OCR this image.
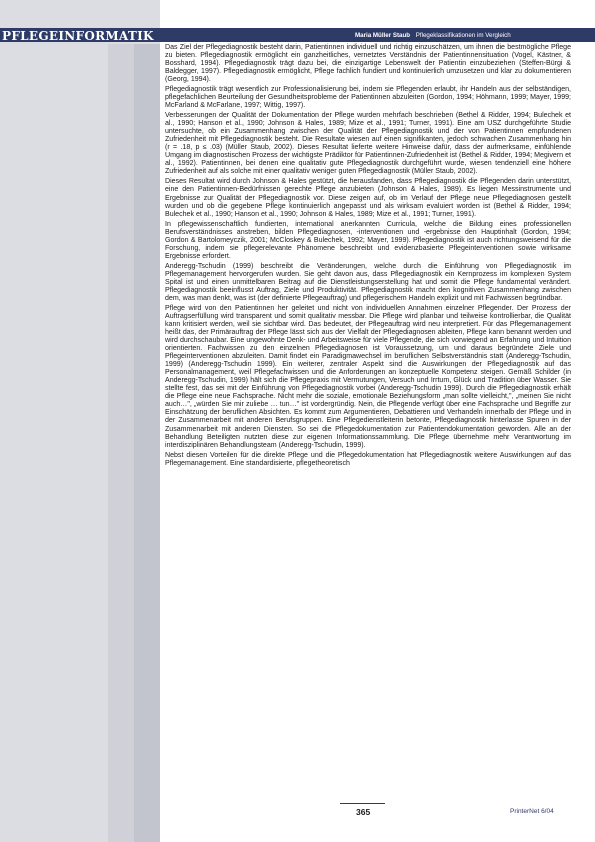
PFLEGEINFORMATIK	Maria Müller Staub Pflegeklassifikationen im Vergleich

Das Ziel der Pflegediagnostik besteht darin, Patientinnen individuell und richtig einzuschätzen, um ihnen die bestmögliche Pflege zu bieten. Pflegediagnostik ermöglicht ein ganzheitliches, vernetztes Verständnis der Patientinnensituation (Vogel, Kästner, & Bosshard, 1994). Pflegediagnostik trägt dazu bei, die einzigartige Lebenswelt der Patientin einzubeziehen (Steffen-Bürgi & Baldegger, 1997). Pflegediagnostik ermöglicht, Pflege fachlich fundiert und kontinuierlich umzusetzen und klar zu dokumentieren (Georg, 1994).

Pflegediagnostik trägt wesentlich zur Professionalisierung bei, indem sie Pflegenden erlaubt, ihr Handeln aus der selbständigen, pflegefachlichen Beurteilung der Gesundheitsprobleme der Patientinnen abzuleiten (Gordon, 1994; Höhmann, 1999; Mayer, 1999; McFarland & McFarlane, 1997; Wittig, 1997).

Verbesserungen der Qualität der Dokumentation der Pflege wurden mehrfach beschrieben (Bethel & Ridder, 1994; Bulechek et al., 1990; Hanson et al., 1990; Johnson & Hales, 1989; Mize et al., 1991; Turner, 1991). Eine am USZ durchgeführte Studie untersuchte, ob ein Zusammenhang zwischen der Qualität der Pflegediagnostik und der von Patientinnen empfundenen Zufriedenheit mit Pflegediagnostik besteht. Die Resultate wiesen auf einen signifikanten, jedoch schwachen Zusammenhang hin (r = .18, p ≤ .03) (Müller Staub, 2002). Dieses Resultat lieferte weitere Hinweise dafür, dass der aufmerksame, einfühlende Umgang im diagnostischen Prozess der wichtigste Prädiktor für Patientinnen-Zufriedenheit ist (Bethel & Ridder, 1994; Megivern et al., 1992). Patientinnen, bei denen eine qualitativ gute Pflegediagnostik durchgeführt wurde, wiesen tendenziell eine höhere Zufriedenheit auf als solche mit einer qualitativ weniger guten Pflegediagnostik (Müller Staub, 2002).

Dieses Resultat wird durch Johnson & Hales gestützt, die herausfanden, dass Pflegediagnostik die Pflegenden darin unterstützt, eine den Patientinnen-Bedürfnissen gerechte Pflege anzubieten (Johnson & Hales, 1989). Es liegen Messinstrumente und Ergebnisse zur Qualität der Pflegediagnostik vor. Diese zeigen auf, ob im Verlauf der Pflege neue Pflegediagnosen gestellt wurden und ob die gegebene Pflege kontinuierlich angepasst und als wirksam evaluiert worden ist (Bethel & Ridder, 1994; Bulechek et al., 1990; Hanson et al., 1990; Johnson & Hales, 1989; Mize et al., 1991; Turner, 1991).

In pflegewissenschaftlich fundierten, international anerkannten Curricula, welche die Bildung eines professionellen Berufsverständnisses anstreben, bilden Pflegediagnosen, -interventionen und -ergebnisse den Hauptinhalt (Gordon, 1994; Gordon & Bartolomeyczik, 2001; McCloskey & Bulechek, 1992; Mayer, 1999). Pflegediagnostik ist auch richtungsweisend für die Forschung, indem sie pflegerelevante Phänomene beschreibt und evidenzbasierte Pflegeinterventionen sowie wirksame Ergebnisse erfordert.

Anderegg-Tschudin (1999) beschreibt die Veränderungen, welche durch die Einführung von Pflegediagnostik im Pflegemanagement hervorgerufen wurden. Sie geht davon aus, dass Pflegediagnostik ein Kernprozess im komplexen System Spital ist und einen unmittelbaren Beitrag auf die Dienstleistungserstellung hat und somit die Pflege fundamental verändert. Pflegediagnostik beeinflusst Auftrag, Ziele und Produktivität. Pflegediagnostik macht den kognitiven Zusammenhang zwischen dem, was man denkt, was ist (der definierte Pflegeauftrag) und pflegerischem Handeln explizit und mit Fachwissen begründbar.

Pflege wird von den Patientinnen her geleitet und nicht von individuellen Annahmen einzelner Pflegender. Der Prozess der Auftragserfüllung wird transparent und somit qualitativ messbar. Die Pflege wird planbar und teilweise kontrollierbar, die Qualität kann kritisiert werden, weil sie sichtbar wird. Das bedeutet, der Pflegeauftrag wird neu interpretiert. Für das Pflegemanagement heißt das, der Primärauftrag der Pflege lässt sich aus der Vielfalt der Pflegediagnosen ableiten, Pflege kann benannt werden und wird durchschaubar. Eine ungewohnte Denk- und Arbeitsweise für viele Pflegende, die sich vorwiegend an Erfahrung und Intuition orientierten. Fachwissen zu den einzelnen Pflegediagnosen ist Voraussetzung, um und daraus begründete Ziele und Pflegeinterventionen abzuleiten. Damit findet ein Paradigmawechsel im beruflichen Selbstverständnis statt (Anderegg-Tschudin, 1999) (Anderegg-Tschudin 1999). Ein weiterer, zentraler Aspekt sind die Auswirkungen der Pflegediagnostik auf das Personalmanagement, weil Pflegefachwissen und die Anforderungen an konzeptuelle Kompetenz steigen. Gemäß Schilder (in Anderegg-Tschudin, 1999) hält sich die Pflegepraxis mit Vermutungen, Versuch und Irrtum, Glück und Tradition über Wasser. Sie stellte fest, das sei mit der Einführung von Pflegediagnostik vorbei (Anderegg-Tschudin 1999). Durch die Pflegediagnostik erhält die Pflege eine neue Fachsprache. Nicht mehr die soziale, emotionale Beziehungsform „man sollte vielleicht,", „meinen Sie nicht auch…", „würden Sie mir zuliebe … tun…" ist vordergründig. Nein, die Pflegende verfügt über eine Fachsprache und Begriffe zur Einschätzung der beruflichen Absichten. Es kommt zum Argumentieren, Debattieren und Verhandeln innerhalb der Pflege und in der Zusammenarbeit mit anderen Berufsgruppen. Eine Pflegedienstleiterin betonte, Pflegediagnostik hinterlasse Spuren in der Zusammenarbeit mit anderen Diensten. So sei die Pflegedokumentation zur Patientendokumentation geworden. Alle an der Behandlung Beteiligten nutzten diese zur eigenen Informationssammlung. Die Pflege übernehme mehr Verantwortung im interdisziplinären Behandlungsteam (Anderegg-Tschudin, 1999).

Nebst diesen Vorteilen für die direkte Pflege und die Pflegedokumentation hat Pflegediagnostik weitere Auswirkungen auf das Pflegemanagement. Eine standardisierte, pflegetheoretisch

365	PrinterNet 6/04
